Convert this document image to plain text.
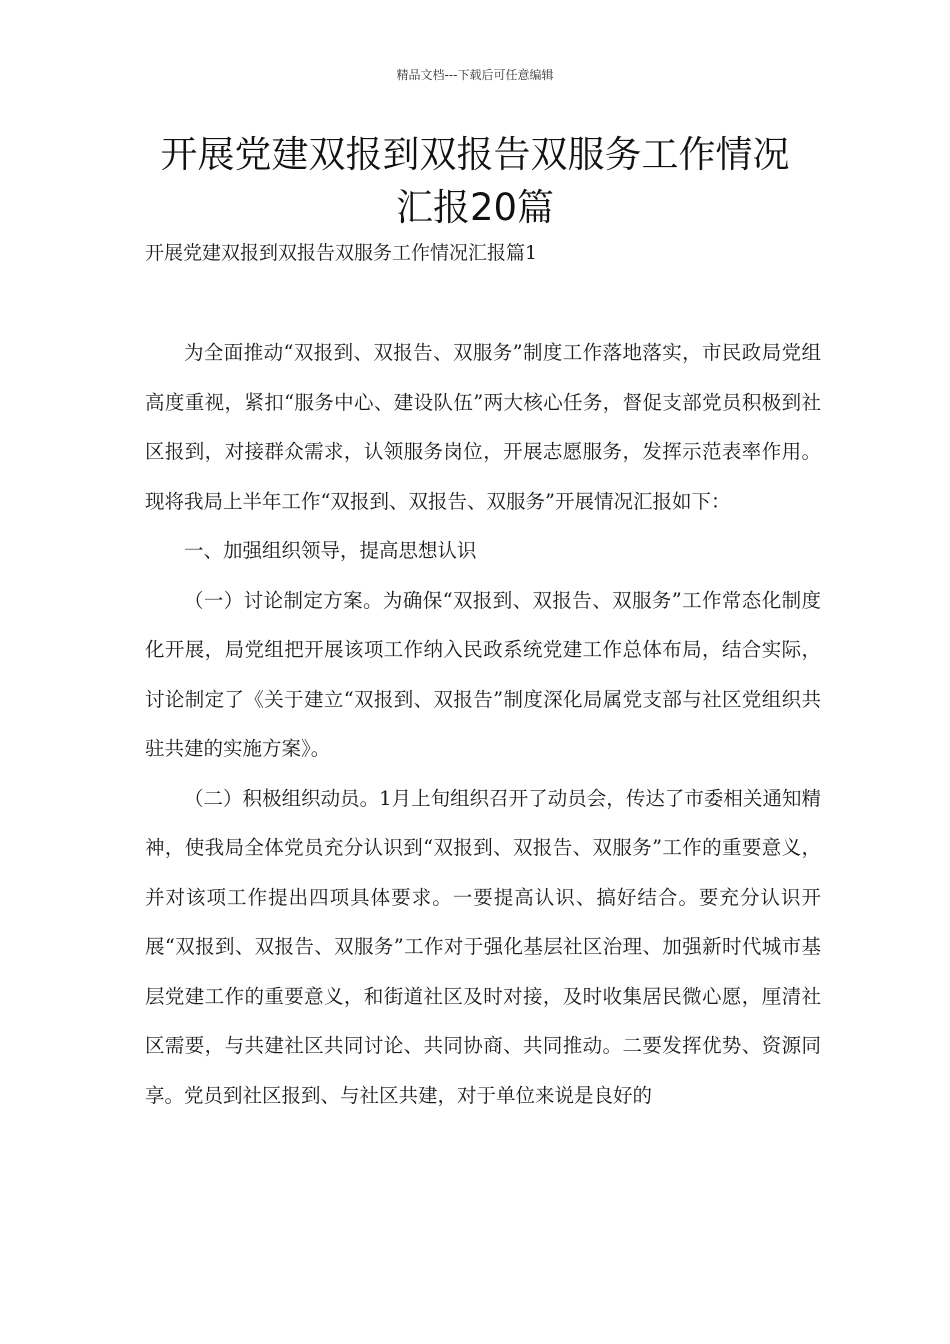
精品文档---下载后可任意编辑
开展党建双报到双报告双服务工作情况
汇报20篇
开展党建双报到双报告双服务工作情况汇报篇1

为全面推动“双报到、双报告、双服务”制度工作落地落实，市民政局党组高度重视，紧扣“服务中心、建设队伍”两大核心任务，督促支部党员积极到社区报到，对接群众需求，认领服务岗位，开展志愿服务，发挥示范表率作用。现将我局上半年工作“双报到、双报告、双服务”开展情况汇报如下：

一、加强组织领导，提高思想认识

（一）讨论制定方案。为确保“双报到、双报告、双服务”工作常态化制度化开展，局党组把开展该项工作纳入民政系统党建工作总体布局，结合实际，讨论制定了《关于建立“双报到、双报告”制度深化局属党支部与社区党组织共驻共建的实施方案》。

（二）积极组织动员。1月上旬组织召开了动员会，传达了市委相关通知精神，使我局全体党员充分认识到“双报到、双报告、双服务”工作的重要意义，并对该项工作提出四项具体要求。一要提高认识、搞好结合。要充分认识开展“双报到、双报告、双服务”工作对于强化基层社区治理、加强新时代城市基层党建工作的重要意义，和街道社区及时对接，及时收集居民微心愿，厘清社区需要，与共建社区共同讨论、共同协商、共同推动。二要发挥优势、资源同享。党员到社区报到、与社区共建，对于单位来说是良好的
